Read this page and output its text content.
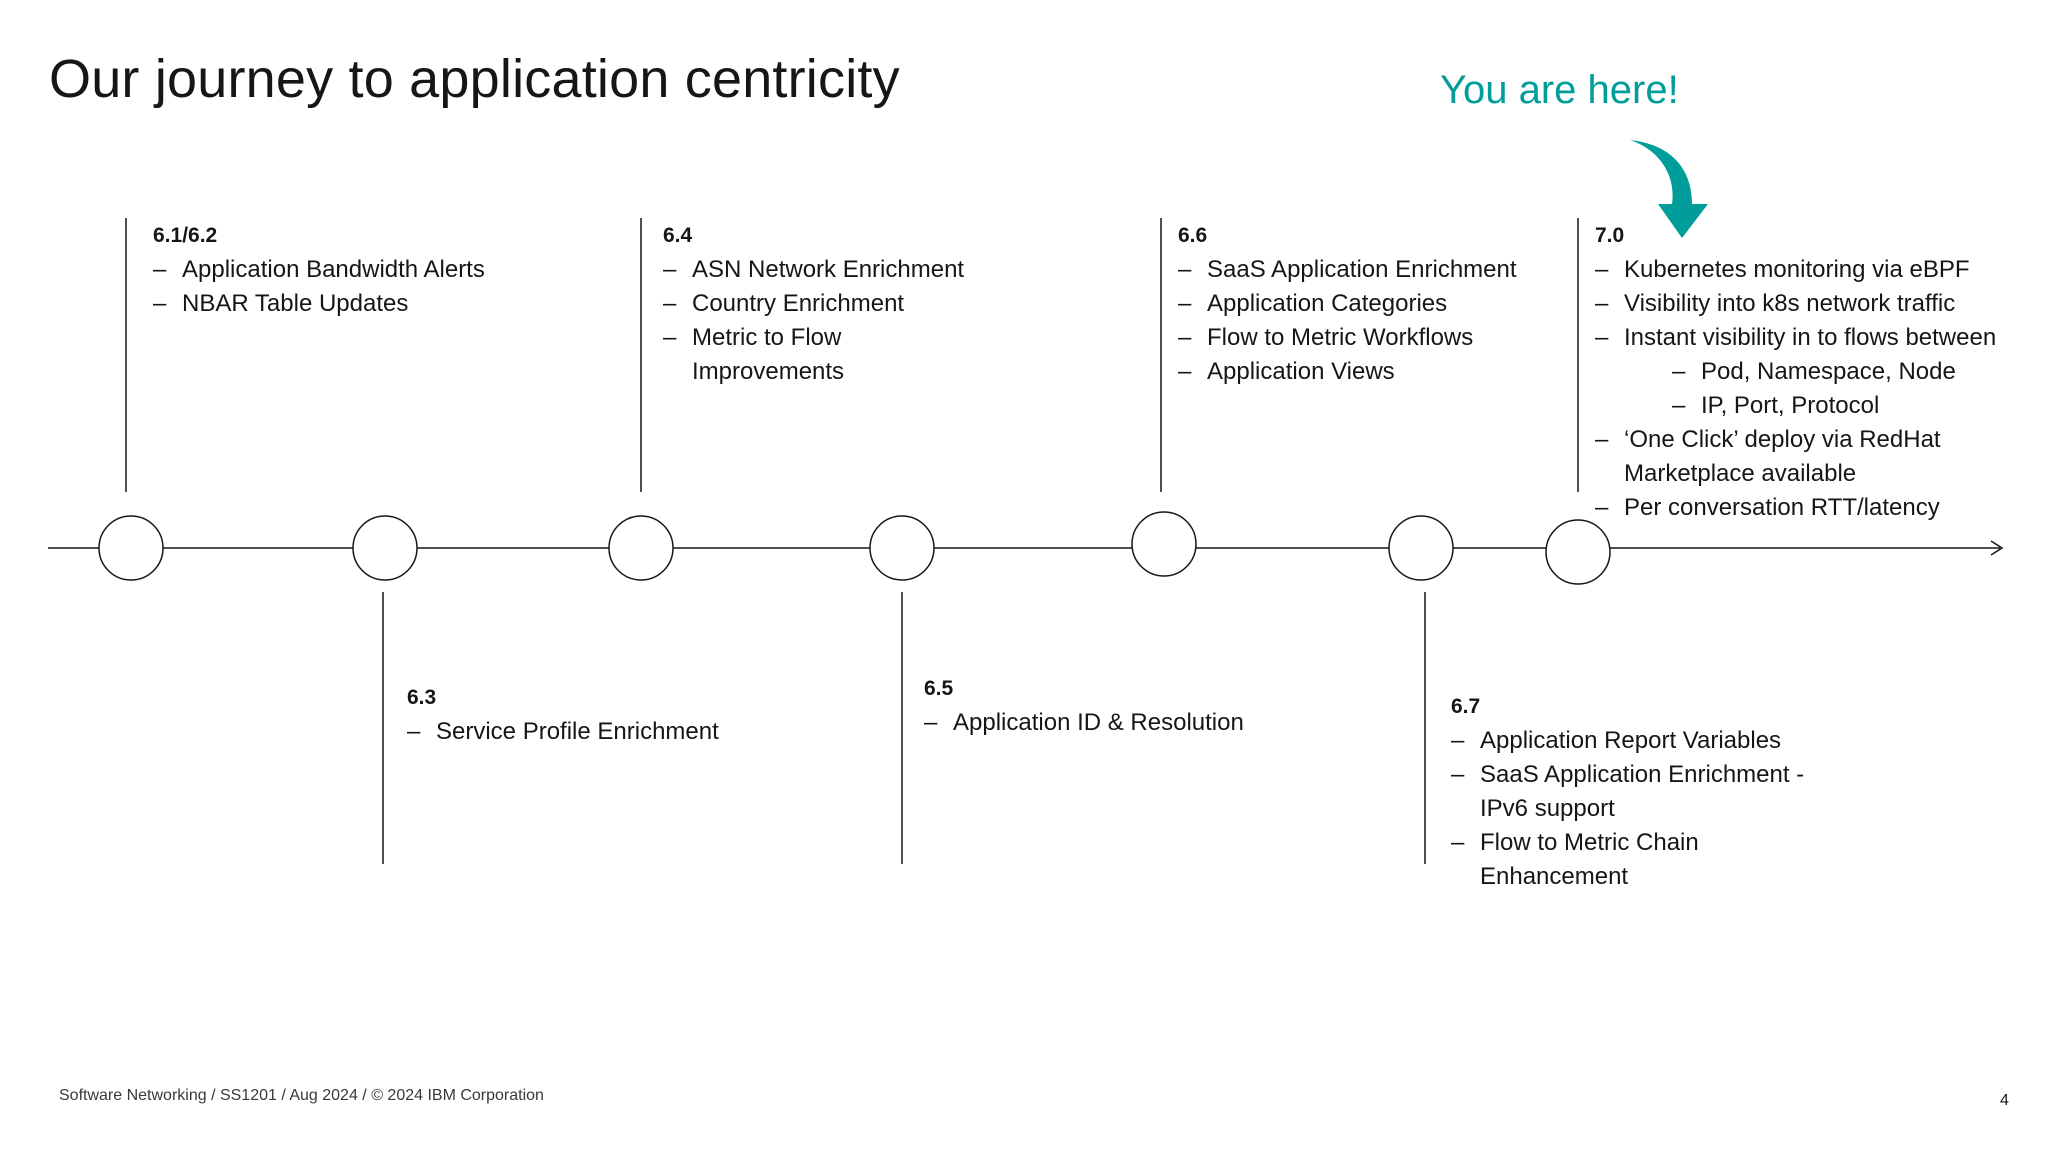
Our journey to application centricity	You are here!
6.1/6.2
– Application Bandwidth Alerts
– NBAR Table Updates
6.3
– Service Profile Enrichment
6.4
– ASN Network Enrichment
– Country Enrichment
– Metric to Flow
Improvements
6.5
– Application ID & Resolution
6.6
– SaaS Application Enrichment
– Application Categories
– Flow to Metric Workflows
– Application Views
6.7
– Application Report Variables
– SaaS Application Enrichment -
IPv6 support
– Flow to Metric Chain
Enhancement
7.0
– Kubernetes monitoring via eBPF
– Visibility into k8s network traffic
– Instant visibility in to flows between
– Pod, Namespace, Node
– IP, Port, Protocol
– ‘One Click’ deploy via RedHat
Marketplace available
– Per conversation RTT/latency
Software Networking / SS1201 / Aug 2024 / © 2024 IBM Corporation	4
